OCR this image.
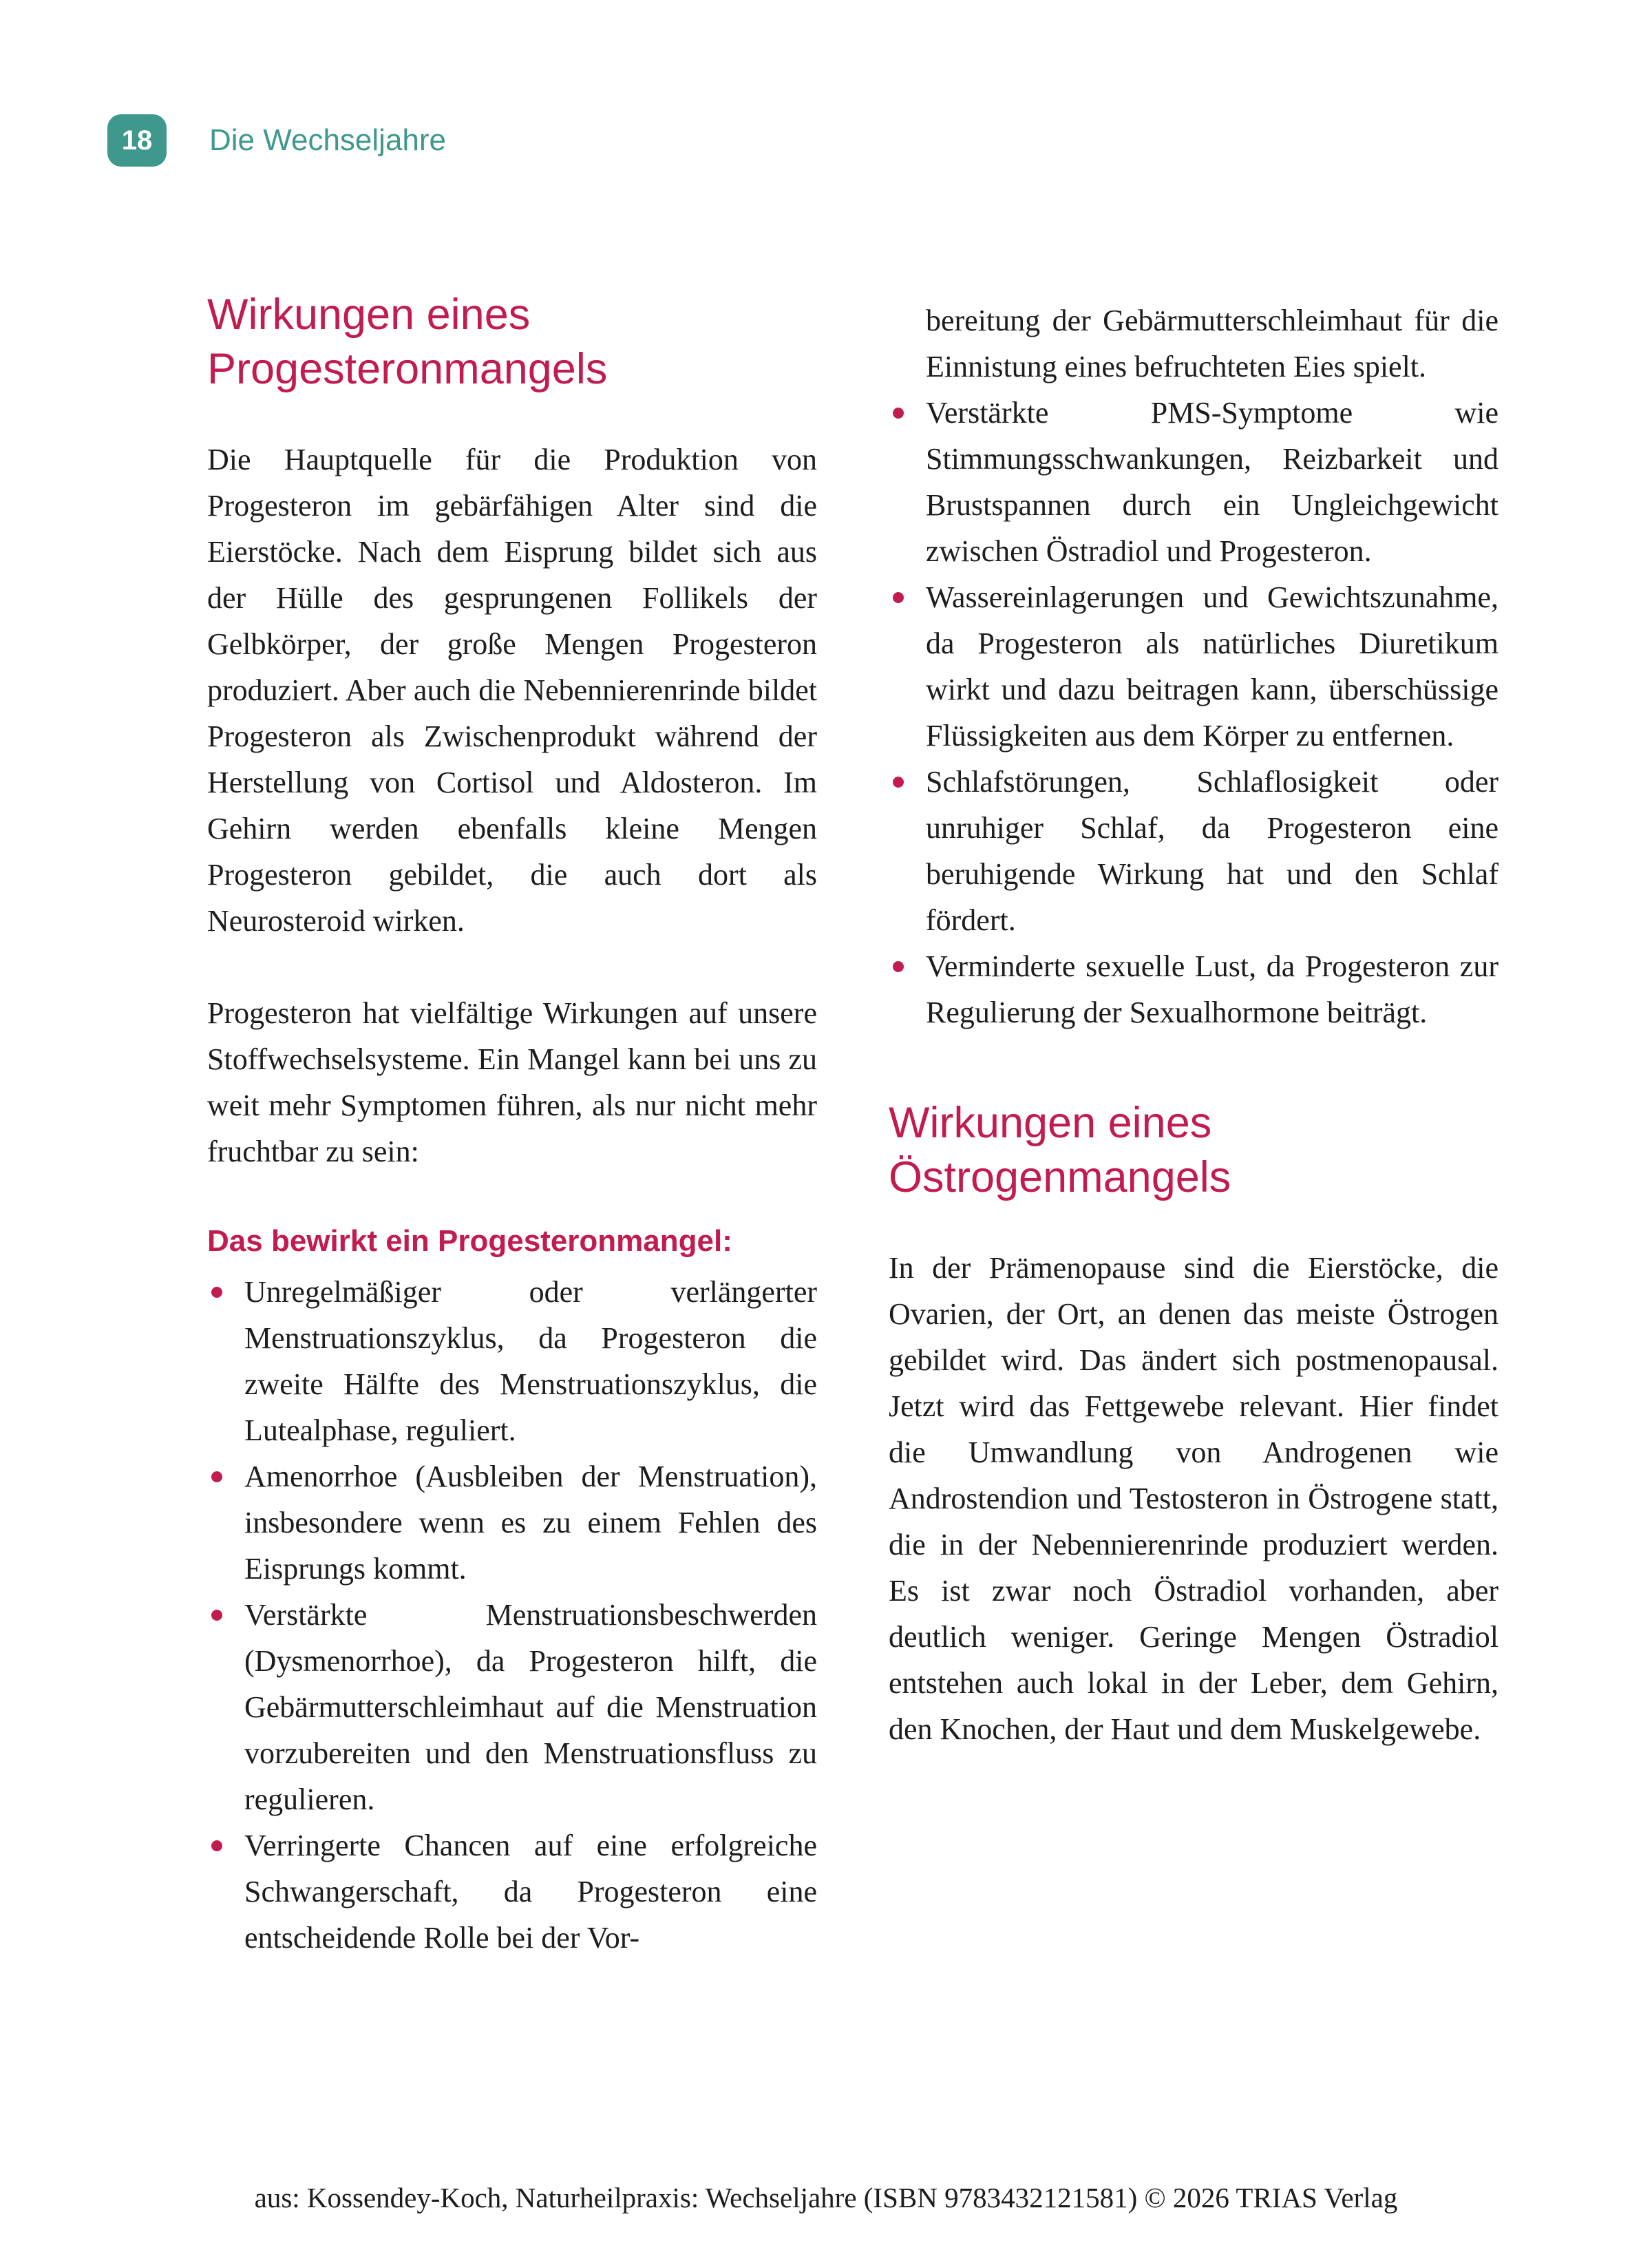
18	Die Wechseljahre
Wirkungen eines Progesteronmangels

Die Hauptquelle für die Produktion von Progesteron im gebärfähigen Alter sind die Eierstöcke. Nach dem Eisprung bildet sich aus der Hülle des gesprungenen Follikels der Gelbkörper, der große Mengen Progesteron produziert. Aber auch die Nebennierenrinde bildet Progesteron als Zwischenprodukt während der Herstellung von Cortisol und Aldosteron. Im Gehirn werden ebenfalls kleine Mengen Progesteron gebildet, die auch dort als Neurosteroid wirken.

Progesteron hat vielfältige Wirkungen auf unsere Stoffwechselsysteme. Ein Mangel kann bei uns zu weit mehr Symptomen führen, als nur nicht mehr fruchtbar zu sein:

Das bewirkt ein Progesteronmangel:
Unregelmäßiger oder verlängerter Menstruationszyklus, da Progesteron die zweite Hälfte des Menstruationszyklus, die Lutealphase, reguliert.
Amenorrhoe (Ausbleiben der Menstruation), insbesondere wenn es zu einem Fehlen des Eisprungs kommt.
Verstärkte Menstruationsbeschwerden (Dysmenorrhoe), da Progesteron hilft, die Gebärmutterschleimhaut auf die Menstruation vorzubereiten und den Menstruationsfluss zu regulieren.
Verringerte Chancen auf eine erfolgreiche Schwangerschaft, da Progesteron eine entscheidende Rolle bei der Vor-
bereitung der Gebärmutterschleimhaut für die Einnistung eines befruchteten Eies spielt.
Verstärkte PMS-Symptome wie Stimmungsschwankungen, Reizbarkeit und Brustspannen durch ein Ungleichgewicht zwischen Östradiol und Progesteron.
Wassereinlagerungen und Gewichtszunahme, da Progesteron als natürliches Diuretikum wirkt und dazu beitragen kann, überschüssige Flüssigkeiten aus dem Körper zu entfernen.
Schlafstörungen, Schlaflosigkeit oder unruhiger Schlaf, da Progesteron eine beruhigende Wirkung hat und den Schlaf fördert.
Verminderte sexuelle Lust, da Progesteron zur Regulierung der Sexualhormone beiträgt.
Wirkungen eines Östrogenmangels

In der Prämenopause sind die Eierstöcke, die Ovarien, der Ort, an denen das meiste Östrogen gebildet wird. Das ändert sich postmenopausal. Jetzt wird das Fettgewebe relevant. Hier findet die Umwandlung von Androgenen wie Androstendion und Testosteron in Östrogene statt, die in der Nebennierenrinde produziert werden. Es ist zwar noch Östradiol vorhanden, aber deutlich weniger. Geringe Mengen Östradiol entstehen auch lokal in der Leber, dem Gehirn, den Knochen, der Haut und dem Muskelgewebe.

aus: Kossendey-Koch, Naturheilpraxis: Wechseljahre (ISBN 9783432121581) © 2026 TRIAS Verlag
